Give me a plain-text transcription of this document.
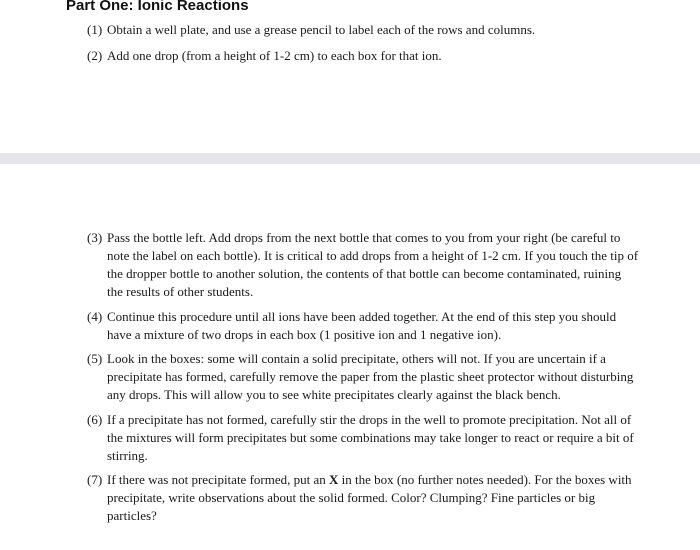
Part One: Ionic Reactions
(1) Obtain a well plate, and use a grease pencil to label each of the rows and columns.
(2) Add one drop (from a height of 1-2 cm) to each box for that ion.
(3) Pass the bottle left. Add drops from the next bottle that comes to you from your right (be careful to note the label on each bottle). It is critical to add drops from a height of 1-2 cm. If you touch the tip of the dropper bottle to another solution, the contents of that bottle can become contaminated, ruining the results of other students.
(4) Continue this procedure until all ions have been added together. At the end of this step you should have a mixture of two drops in each box (1 positive ion and 1 negative ion).
(5) Look in the boxes: some will contain a solid precipitate, others will not. If you are uncertain if a precipitate has formed, carefully remove the paper from the plastic sheet protector without disturbing any drops. This will allow you to see white precipitates clearly against the black bench.
(6) If a precipitate has not formed, carefully stir the drops in the well to promote precipitation. Not all of the mixtures will form precipitates but some combinations may take longer to react or require a bit of stirring.
(7) If there was not precipitate formed, put an X in the box (no further notes needed). For the boxes with precipitate, write observations about the solid formed. Color? Clumping? Fine particles or big particles?
